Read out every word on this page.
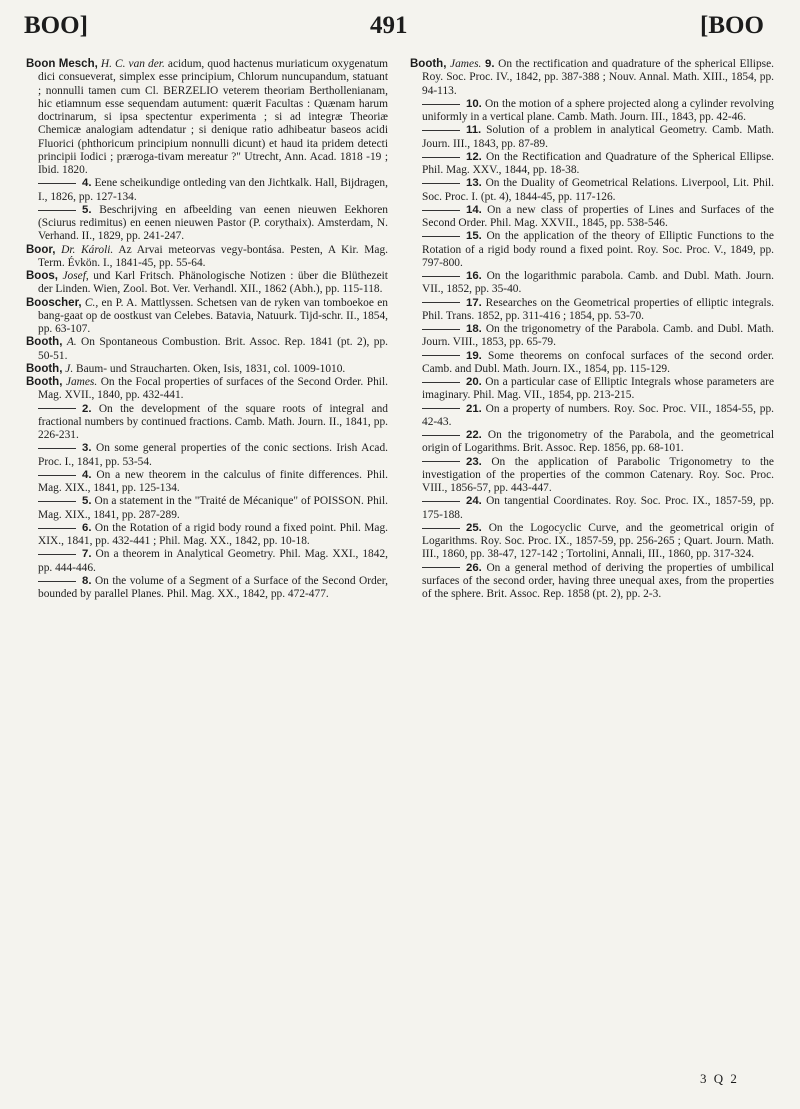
BOO]	491	[BOO
Boon Mesch, H. C. van der. acidum, quod hactenus muriaticum oxygenatum dici consueverat, simplex esse principium, Chlorum nuncupandum, statuant ; nonnulli tamen cum Cl. BERZELIO veterem theoriam Berthollenianam, hic etiamnum esse sequendam autument: quærit Facultas : Quænam harum doctrinarum, si ipsa spectentur experimenta ; si ad integræ Theoriæ Chemicæ analogiam adtendatur ; si denique ratio adhibeatur baseos acidi Fluorici (phthoricum principium nonnulli dicunt) et haud ita pridem detecti principii Iodici ; præroga-tivam mereatur ?" Utrecht, Ann. Acad. 1818 -19 ; Ibid. 1820.
4. Eene scheikundige ontleding van den Jichtkalk. Hall, Bijdragen, I., 1826, pp. 127-134.
5. Beschrijving en afbeelding van eenen nieuwen Eekhoren (Sciurus redimitus) en eenen nieuwen Pastor (P. corythaix). Amsterdam, N. Verhand. II., 1829, pp. 241-247.
Boor, Dr. Károli. Az Arvai meteorvas vegy-bontása. Pesten, A Kir. Mag. Term. Évkön. I., 1841-45, pp. 55-64.
Boos, Josef, und Karl Fritsch. Phänologische Notizen : über die Blüthezeit der Linden. Wien, Zool. Bot. Ver. Verhandl. XII., 1862 (Abh.), pp. 115-118.
Booscher, C., en P. A. Mattlyssen. Schetsen van de ryken van tomboekoe en bang-gaat op de oostkust van Celebes. Batavia, Natuurk. Tijd-schr. II., 1854, pp. 63-107.
Booth, A. On Spontaneous Combustion. Brit. Assoc. Rep. 1841 (pt. 2), pp. 50-51.
Booth, J. Baum- und Straucharten. Oken, Isis, 1831, col. 1009-1010.
Booth, James. On the Focal properties of surfaces of the Second Order. Phil. Mag. XVII., 1840, pp. 432-441.
2. On the development of the square roots of integral and fractional numbers by continued fractions. Camb. Math. Journ. II., 1841, pp. 226-231.
3. On some general properties of the conic sections. Irish Acad. Proc. I., 1841, pp. 53-54.
4. On a new theorem in the calculus of finite differences. Phil. Mag. XIX., 1841, pp. 125-134.
5. On a statement in the "Traité de Mécanique" of POISSON. Phil. Mag. XIX., 1841, pp. 287-289.
6. On the Rotation of a rigid body round a fixed point. Phil. Mag. XIX., 1841, pp. 432-441 ; Phil. Mag. XX., 1842, pp. 10-18.
7. On a theorem in Analytical Geometry. Phil. Mag. XXI., 1842, pp. 444-446.
8. On the volume of a Segment of a Surface of the Second Order, bounded by parallel Planes. Phil. Mag. XX., 1842, pp. 472-477.
Booth, James. 9. On the rectification and quadrature of the spherical Ellipse. Roy. Soc. Proc. IV., 1842, pp. 387-388 ; Nouv. Annal. Math. XIII., 1854, pp. 94-113.
10. On the motion of a sphere projected along a cylinder revolving uniformly in a vertical plane. Camb. Math. Journ. III., 1843, pp. 42-46.
11. Solution of a problem in analytical Geometry. Camb. Math. Journ. III., 1843, pp. 87-89.
12. On the Rectification and Quadrature of the Spherical Ellipse. Phil. Mag. XXV., 1844, pp. 18-38.
13. On the Duality of Geometrical Relations. Liverpool, Lit. Phil. Soc. Proc. I. (pt. 4), 1844-45, pp. 117-126.
14. On a new class of properties of Lines and Surfaces of the Second Order. Phil. Mag. XXVII., 1845, pp. 538-546.
15. On the application of the theory of Elliptic Functions to the Rotation of a rigid body round a fixed point. Roy. Soc. Proc. V., 1849, pp. 797-800.
16. On the logarithmic parabola. Camb. and Dubl. Math. Journ. VII., 1852, pp. 35-40.
17. Researches on the Geometrical properties of elliptic integrals. Phil. Trans. 1852, pp. 311-416 ; 1854, pp. 53-70.
18. On the trigonometry of the Parabola. Camb. and Dubl. Math. Journ. VIII., 1853, pp. 65-79.
19. Some theorems on confocal surfaces of the second order. Camb. and Dubl. Math. Journ. IX., 1854, pp. 115-129.
20. On a particular case of Elliptic Integrals whose parameters are imaginary. Phil. Mag. VII., 1854, pp. 213-215.
21. On a property of numbers. Roy. Soc. Proc. VII., 1854-55, pp. 42-43.
22. On the trigonometry of the Parabola, and the geometrical origin of Logarithms. Brit. Assoc. Rep. 1856, pp. 68-101.
23. On the application of Parabolic Trigonometry to the investigation of the properties of the common Catenary. Roy. Soc. Proc. VIII., 1856-57, pp. 443-447.
24. On tangential Coordinates. Roy. Soc. Proc. IX., 1857-59, pp. 175-188.
25. On the Logocyclic Curve, and the geometrical origin of Logarithms. Roy. Soc. Proc. IX., 1857-59, pp. 256-265 ; Quart. Journ. Math. III., 1860, pp. 38-47, 127-142 ; Tortolini, Annali, III., 1860, pp. 317-324.
26. On a general method of deriving the properties of umbilical surfaces of the second order, having three unequal axes, from the properties of the sphere. Brit. Assoc. Rep. 1858 (pt. 2), pp. 2-3.
3 Q 2
